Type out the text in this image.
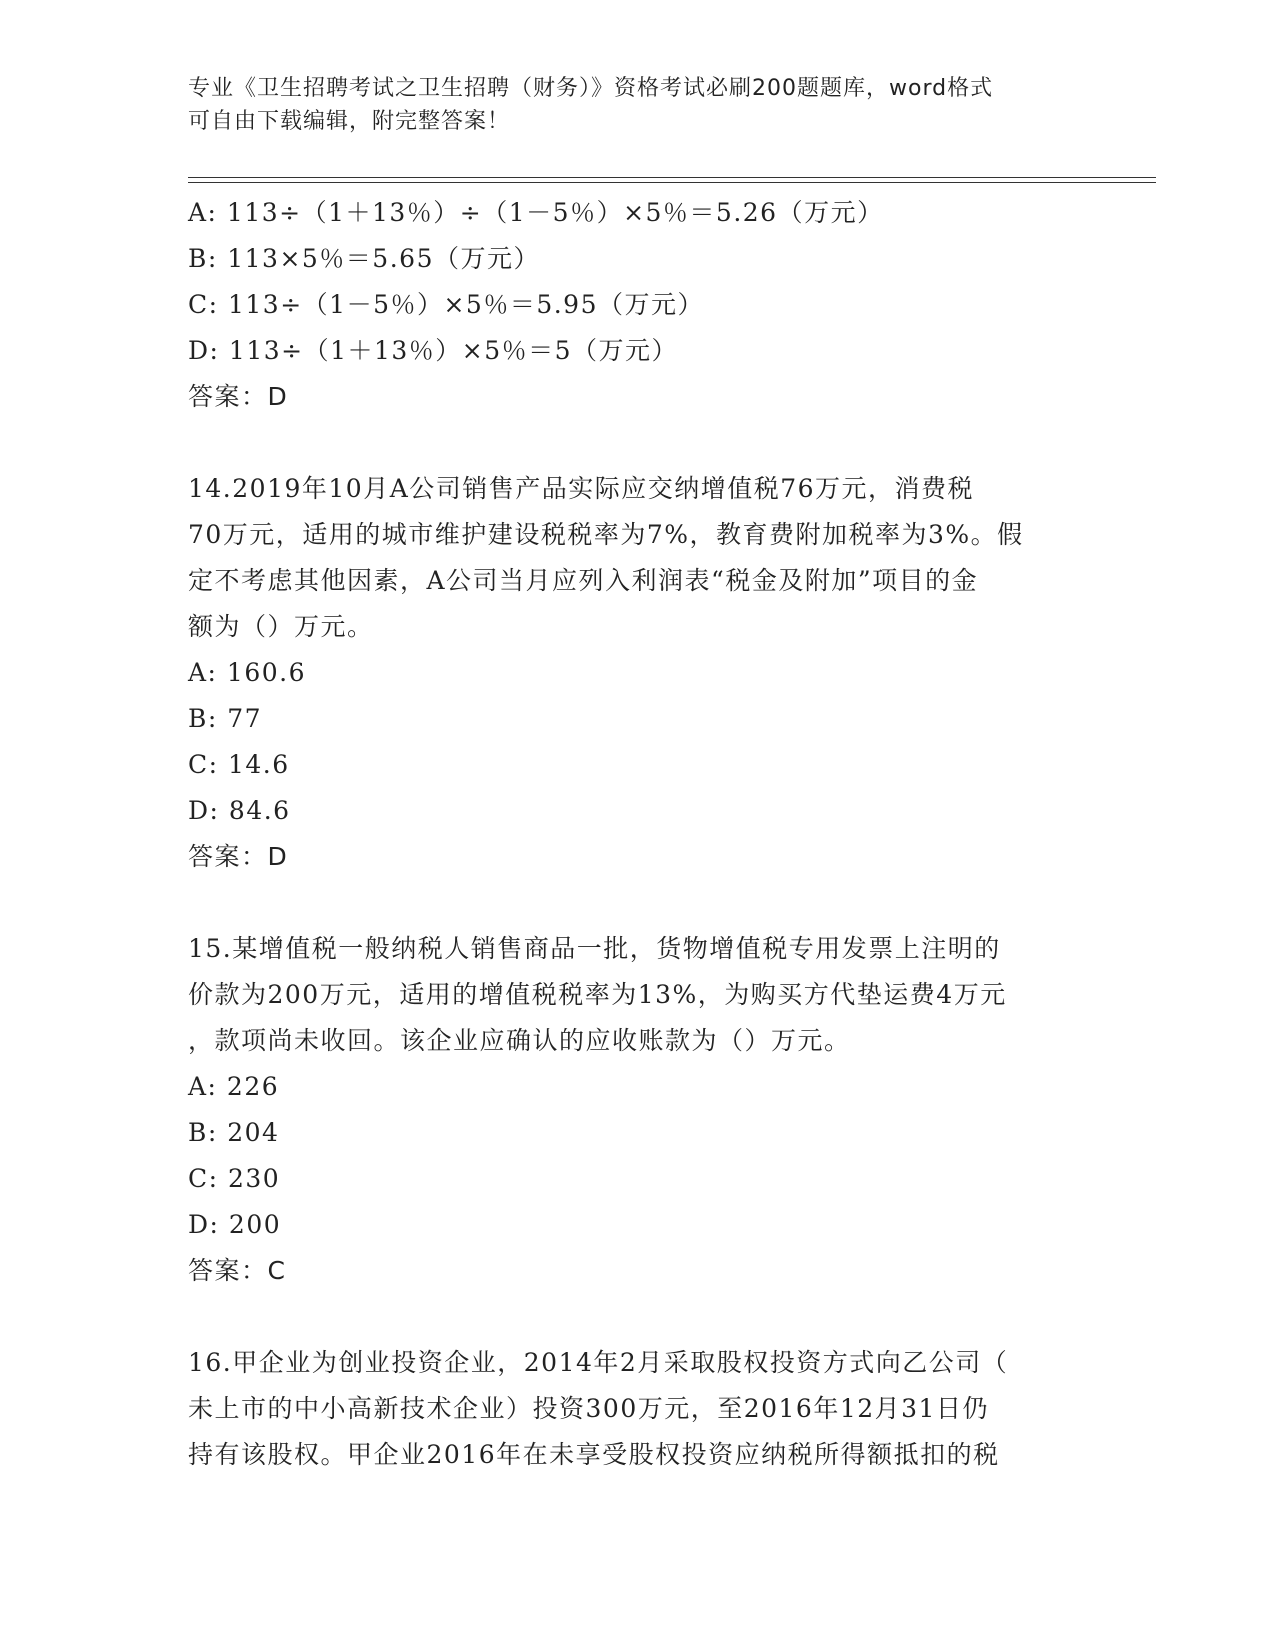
专业《卫生招聘考试之卫生招聘（财务）》资格考试必刷200题题库，word格式
可自由下载编辑，附完整答案！
A: 113÷（1＋13％）÷（1－5％）×5％＝5.26（万元）
B: 113×5％＝5.65（万元）
C: 113÷（1－5％）×5％＝5.95（万元）
D: 113÷（1＋13％）×5％＝5（万元）
答案：D
14.2019年10月A公司销售产品实际应交纳增值税76万元，消费税
70万元，适用的城市维护建设税税率为7%，教育费附加税率为3%。假
定不考虑其他因素，A公司当月应列入利润表“税金及附加”项目的金
额为（）万元。
A: 160.6
B: 77
C: 14.6
D: 84.6
答案：D
15.某增值税一般纳税人销售商品一批，货物增值税专用发票上注明的
价款为200万元，适用的增值税税率为13%，为购买方代垫运费4万元
，款项尚未收回。该企业应确认的应收账款为（）万元。
A: 226
B: 204
C: 230
D: 200
答案：C
16.甲企业为创业投资企业，2014年2月采取股权投资方式向乙公司（
未上市的中小高新技术企业）投资300万元，至2016年12月31日仍
持有该股权。甲企业2016年在未享受股权投资应纳税所得额抵扣的税
